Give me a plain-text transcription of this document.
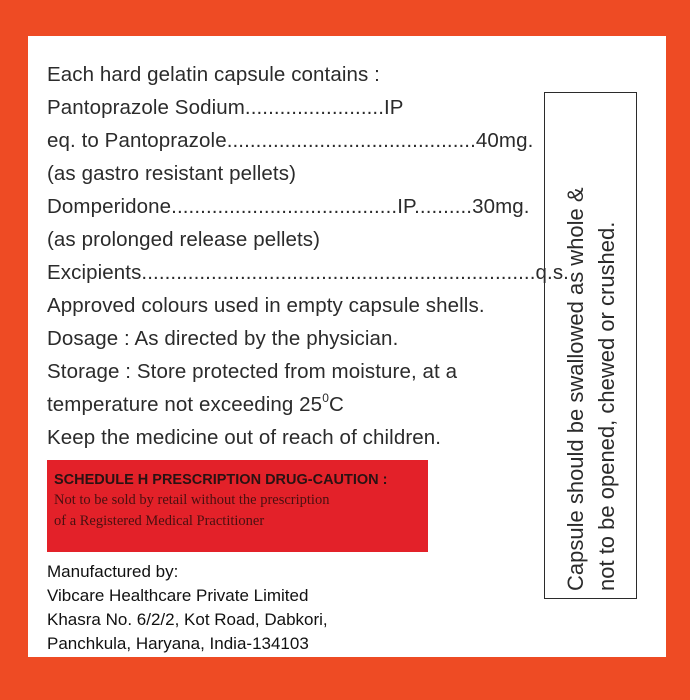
Each hard gelatin capsule contains :
Pantoprazole Sodium........................IP
eq. to Pantoprazole...........................................40mg.
(as gastro resistant pellets)
Domperidone.......................................IP..........30mg.
(as prolonged release pellets)
Excipients....................................................................q.s.
Approved colours used in empty capsule shells.
Dosage : As directed by the physician.
Storage : Store protected from moisture, at a
temperature not exceeding $25^0C$
Keep the medicine out of reach of children.
SCHEDULE H PRESCRIPTION DRUG-CAUTION :
Not to be sold by retail without the prescription
of a Registered Medical Practitioner
Manufactured by:
Vibcare Healthcare Private Limited
Khasra No. 6/2/2, Kot Road, Dabkori,
Panchkula, Haryana, India-134103
Capsule should be swallowed as whole & not to be opened, chewed or crushed.
